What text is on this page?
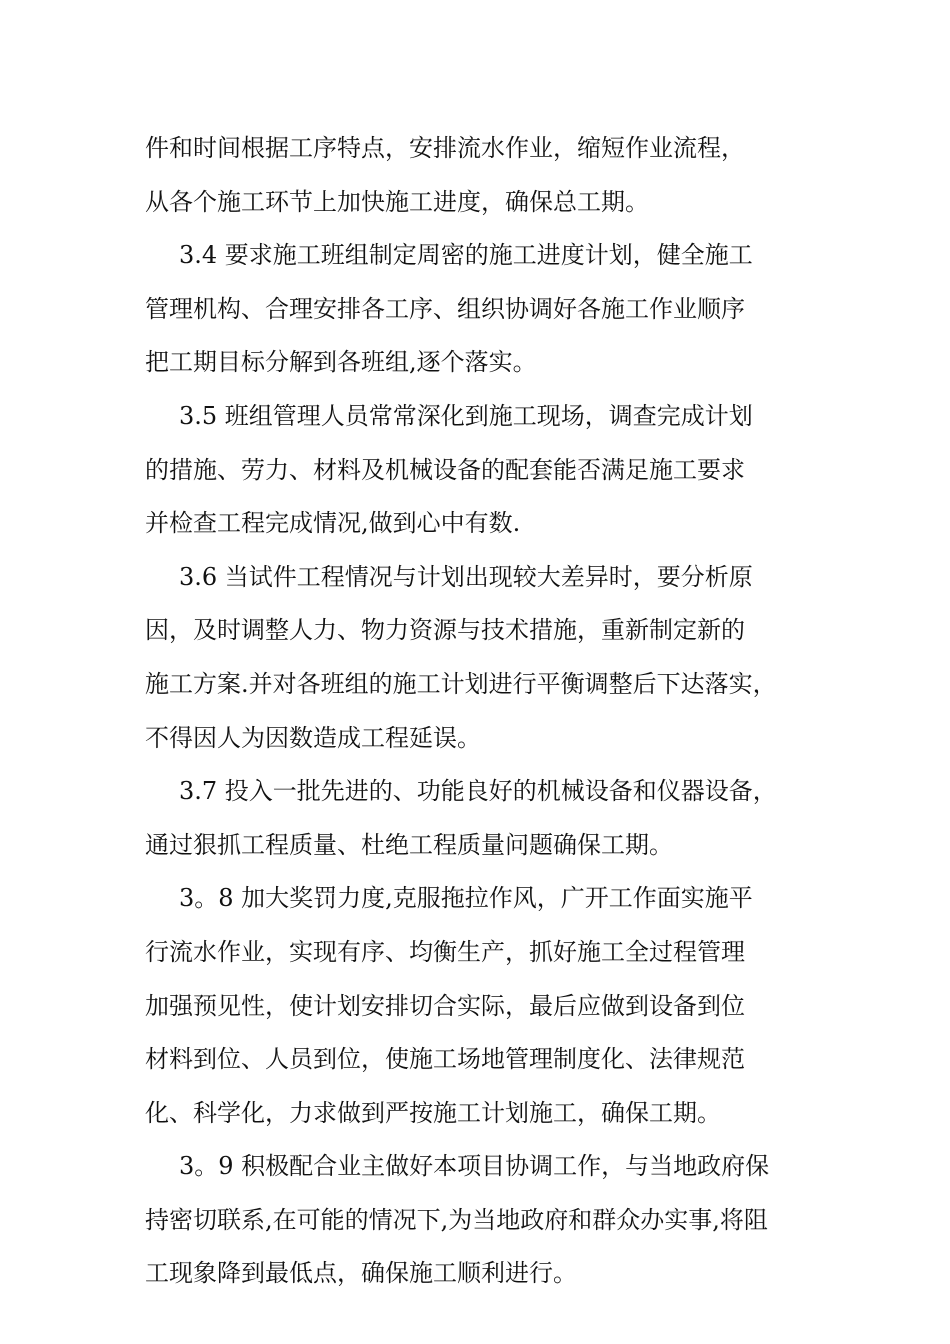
件和时间根据工序特点，安排流水作业，缩短作业流程，
从各个施工环节上加快施工进度，确保总工期。
3.4 要求施工班组制定周密的施工进度计划，健全施工
管理机构、合理安排各工序、组织协调好各施工作业顺序
把工期目标分解到各班组,逐个落实。
3.5 班组管理人员常常深化到施工现场，调查完成计划
的措施、劳力、材料及机械设备的配套能否满足施工要求
并检查工程完成情况,做到心中有数.
3.6 当试件工程情况与计划出现较大差异时，要分析原
因，及时调整人力、物力资源与技术措施，重新制定新的
施工方案.并对各班组的施工计划进行平衡调整后下达落实，
不得因人为因数造成工程延误。
3.7 投入一批先进的、功能良好的机械设备和仪器设备，
通过狠抓工程质量、杜绝工程质量问题确保工期。
3。8 加大奖罚力度,克服拖拉作风，广开工作面实施平
行流水作业，实现有序、均衡生产，抓好施工全过程管理
加强预见性，使计划安排切合实际，最后应做到设备到位
材料到位、人员到位，使施工场地管理制度化、法律规范
化、科学化，力求做到严按施工计划施工，确保工期。
3。9 积极配合业主做好本项目协调工作，与当地政府保
持密切联系,在可能的情况下,为当地政府和群众办实事,将阻
工现象降到最低点，确保施工顺利进行。
